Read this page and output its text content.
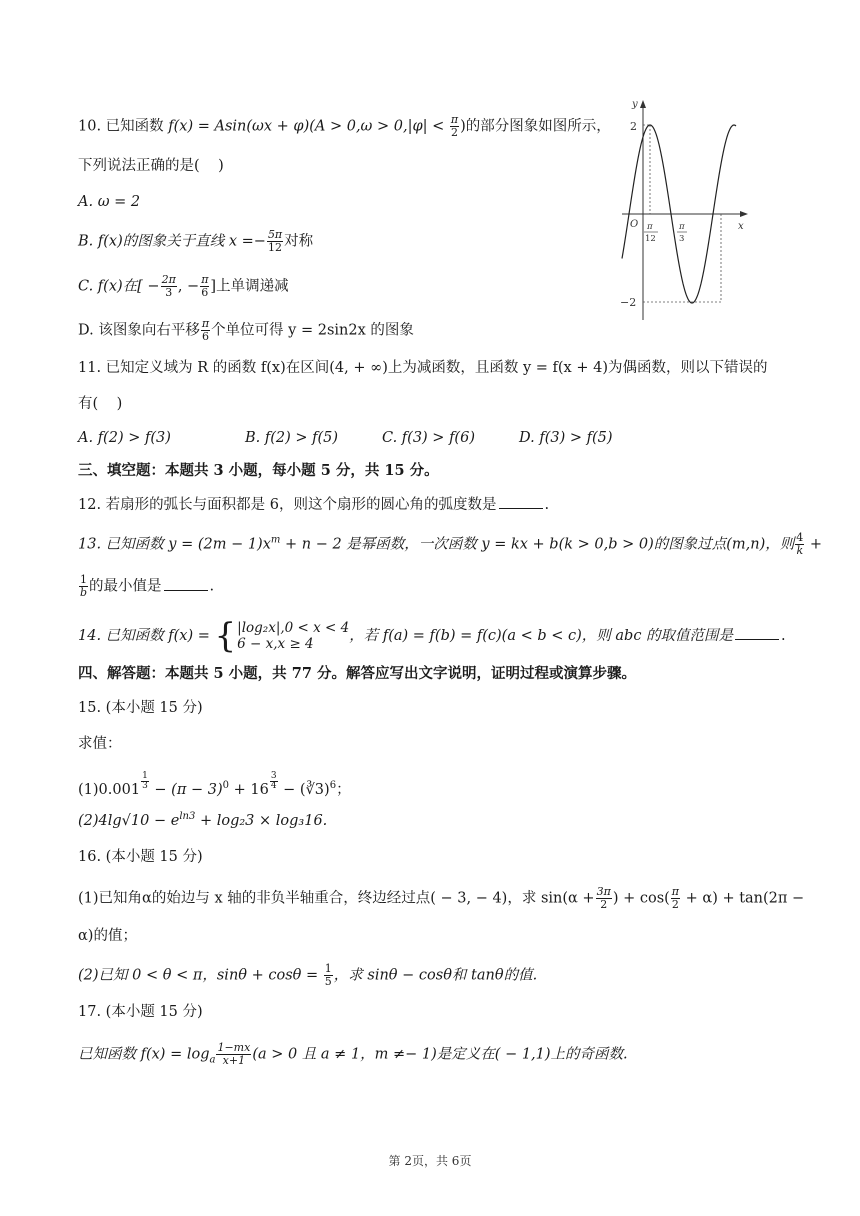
10. 已知函数 $f(x) = Asin(\omega x + \varphi)(A > 0,\omega > 0,|\varphi| < \frac{\pi}{2}$ )的部分图象如图所示，
下列说法正确的是(    )
A. ω = 2
B. f(x)的图象关于直线 $x =- \frac{5\pi}{12}$ 对称
C. f(x)在[ − $\frac{2\pi}{3}$ , − $\frac{\pi}{6}$ ]上单调递减
D. 该图象向右平移 $\frac{\pi}{6}$ 个单位可得 y = 2sin2x 的图象
y
x
O
2
−2
π
12
π
3
11. 已知定义域为 R 的函数 f(x)在区间(4, + ∞)上为减函数，且函数 y = f(x + 4)为偶函数，则以下错误的
有(    )
A. f(2) > f(3)	B. f(2) > f(5)	C. f(3) > f(6)	D. f(3) > f(5)
三、填空题：本题共 3 小题，每小题 5 分，共 15 分。
12. 若扇形的弧长与面积都是 6，则这个扇形的圆心角的弧度数是	.
13. 已知函数 $y = (2m - 1)x^m + n - 2$ 是幂函数，一次函数 y = kx + b(k > 0,b > 0)的图象过点(m,n)，则 $\frac{4}{k}$ +
$\frac{1}{b}$ 的最小值是	.
14. 已知函数 f(x) = { |log₂x|,0 < x < 4
6 − x,x ≥ 4	，若 f(a) = f(b) = f(c)(a < b < c)，则 abc 的取值范围是	.
四、解答题：本题共 5 小题，共 77 分。解答应写出文字说明，证明过程或演算步骤。
15. (本小题 15 分)
求值：
$(1)0.001 \frac{1}{3} - (\pi - 3)^0 + 16 \frac{3}{4}$ − (∛3)$^6$；
$(2)4\lg√10 - e^{ln3} + \log_23 \times \log_316$.
16. (本小题 15 分)
(1)已知角α的始边与 x 轴的非负半轴重合，终边经过点( − 3, − 4)，求 $\sin(\alpha + \frac{3\pi}{2}$ ) + $\cos( \frac{\pi}{2} + \alpha) + \tan(2\pi$ −
α)的值；
(2)已知 0 < θ < π，$\sin\theta + \cos\theta = \frac{1}{5}$ ，求 sinθ − cosθ和 tanθ的值.
17. (本小题 15 分)
已知函数 $f(x) = \log_a \frac{1-mx}{x+1} (a > 0$ 且 a ≠ 1，m ≠− 1)是定义在( − 1,1)上的奇函数.
第 2页，共 6页
